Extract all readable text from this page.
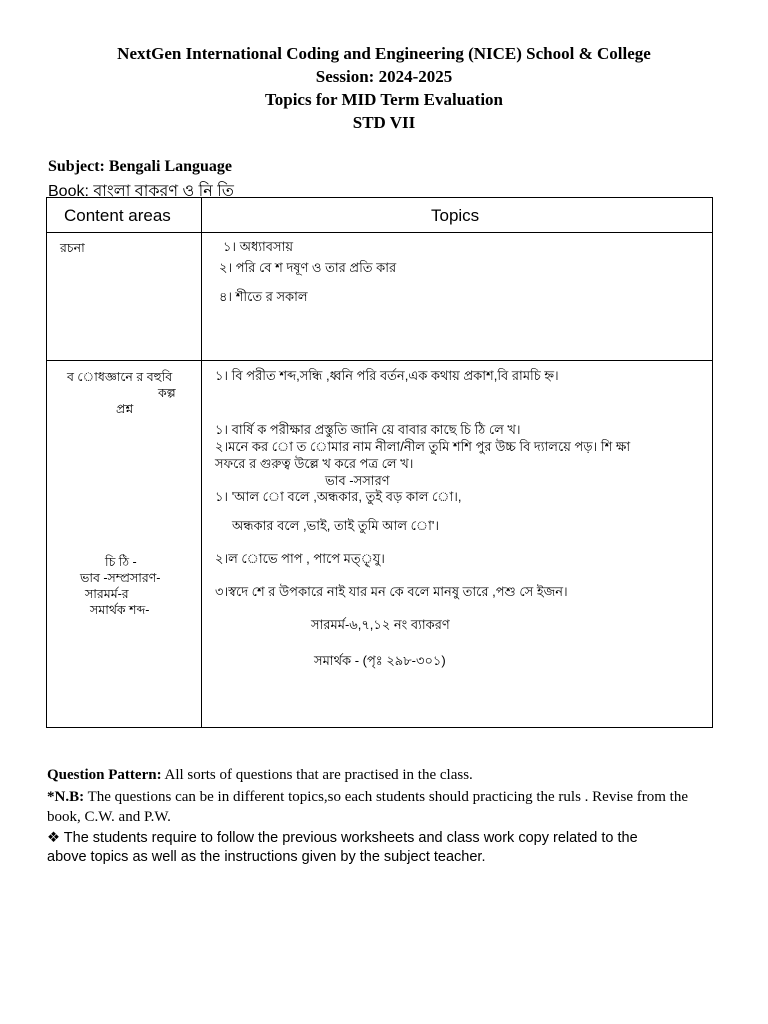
NextGen International Coding and Engineering (NICE) School & College
Session: 2024-2025
Topics for MID Term Evaluation
STD VII
Subject: Bengali Language
Book: বাংলা বাকরণ ও নি তি
Content areas	Topics
রচনা	১। অধ্যাবসায়
২। পরি বে শ দষূণ ও তার প্রতি কার
৪। শীতে র সকাল
ব োধজ্ঞানে র বহুবি
কল্প
প্রশ্ন
চি ঠি -
ভাব -সম্প্রসারণ-
সারমর্ম-র
সমার্থক শব্দ-
১। বি পরীত শব্দ,সন্ধি ,ধ্বনি পরি বর্তন,এক কথায় প্রকাশ,বি রামচি হ্ন।
১। বার্ষি ক পরীক্ষার প্রস্তুতি জানি য়ে বাবার কাছে চি ঠি লে খ।
২।মনে কর ো ত োমার নাম নীলা/নীল তুমি শশি পুর উচ্চ বি দ্যালয়ে পড়। শি ক্ষা
সফরে র গুরুত্ব উল্লে খ করে পত্র লে খ।
ভাব -সসারণ
১। 'আল ো বলে ,অন্ধকার, তুই বড় কাল ো।,
অন্ধকার বলে ,ভাই, তাই তুমি আল ো'।
২।ল োভে পাপ , পাপে মত্ৃ্যু।
৩।স্বদে শে র উপকারে নাই যার মন কে বলে মানষু তারে ,পশু সে ইজন।
সারমর্ম-৬,৭,১২ নং ব্যাকরণ
সমার্থক - (পৃঃ ২৯৮-৩০১)
Question Pattern: All sorts of questions that are practised in the class.
*N.B: The questions can be in different topics,so each students should practicing the ruls . Revise from the book, C.W. and P.W.
❖ The students require to follow the previous worksheets and class work copy related to the above topics as well as the instructions given by the subject teacher.
